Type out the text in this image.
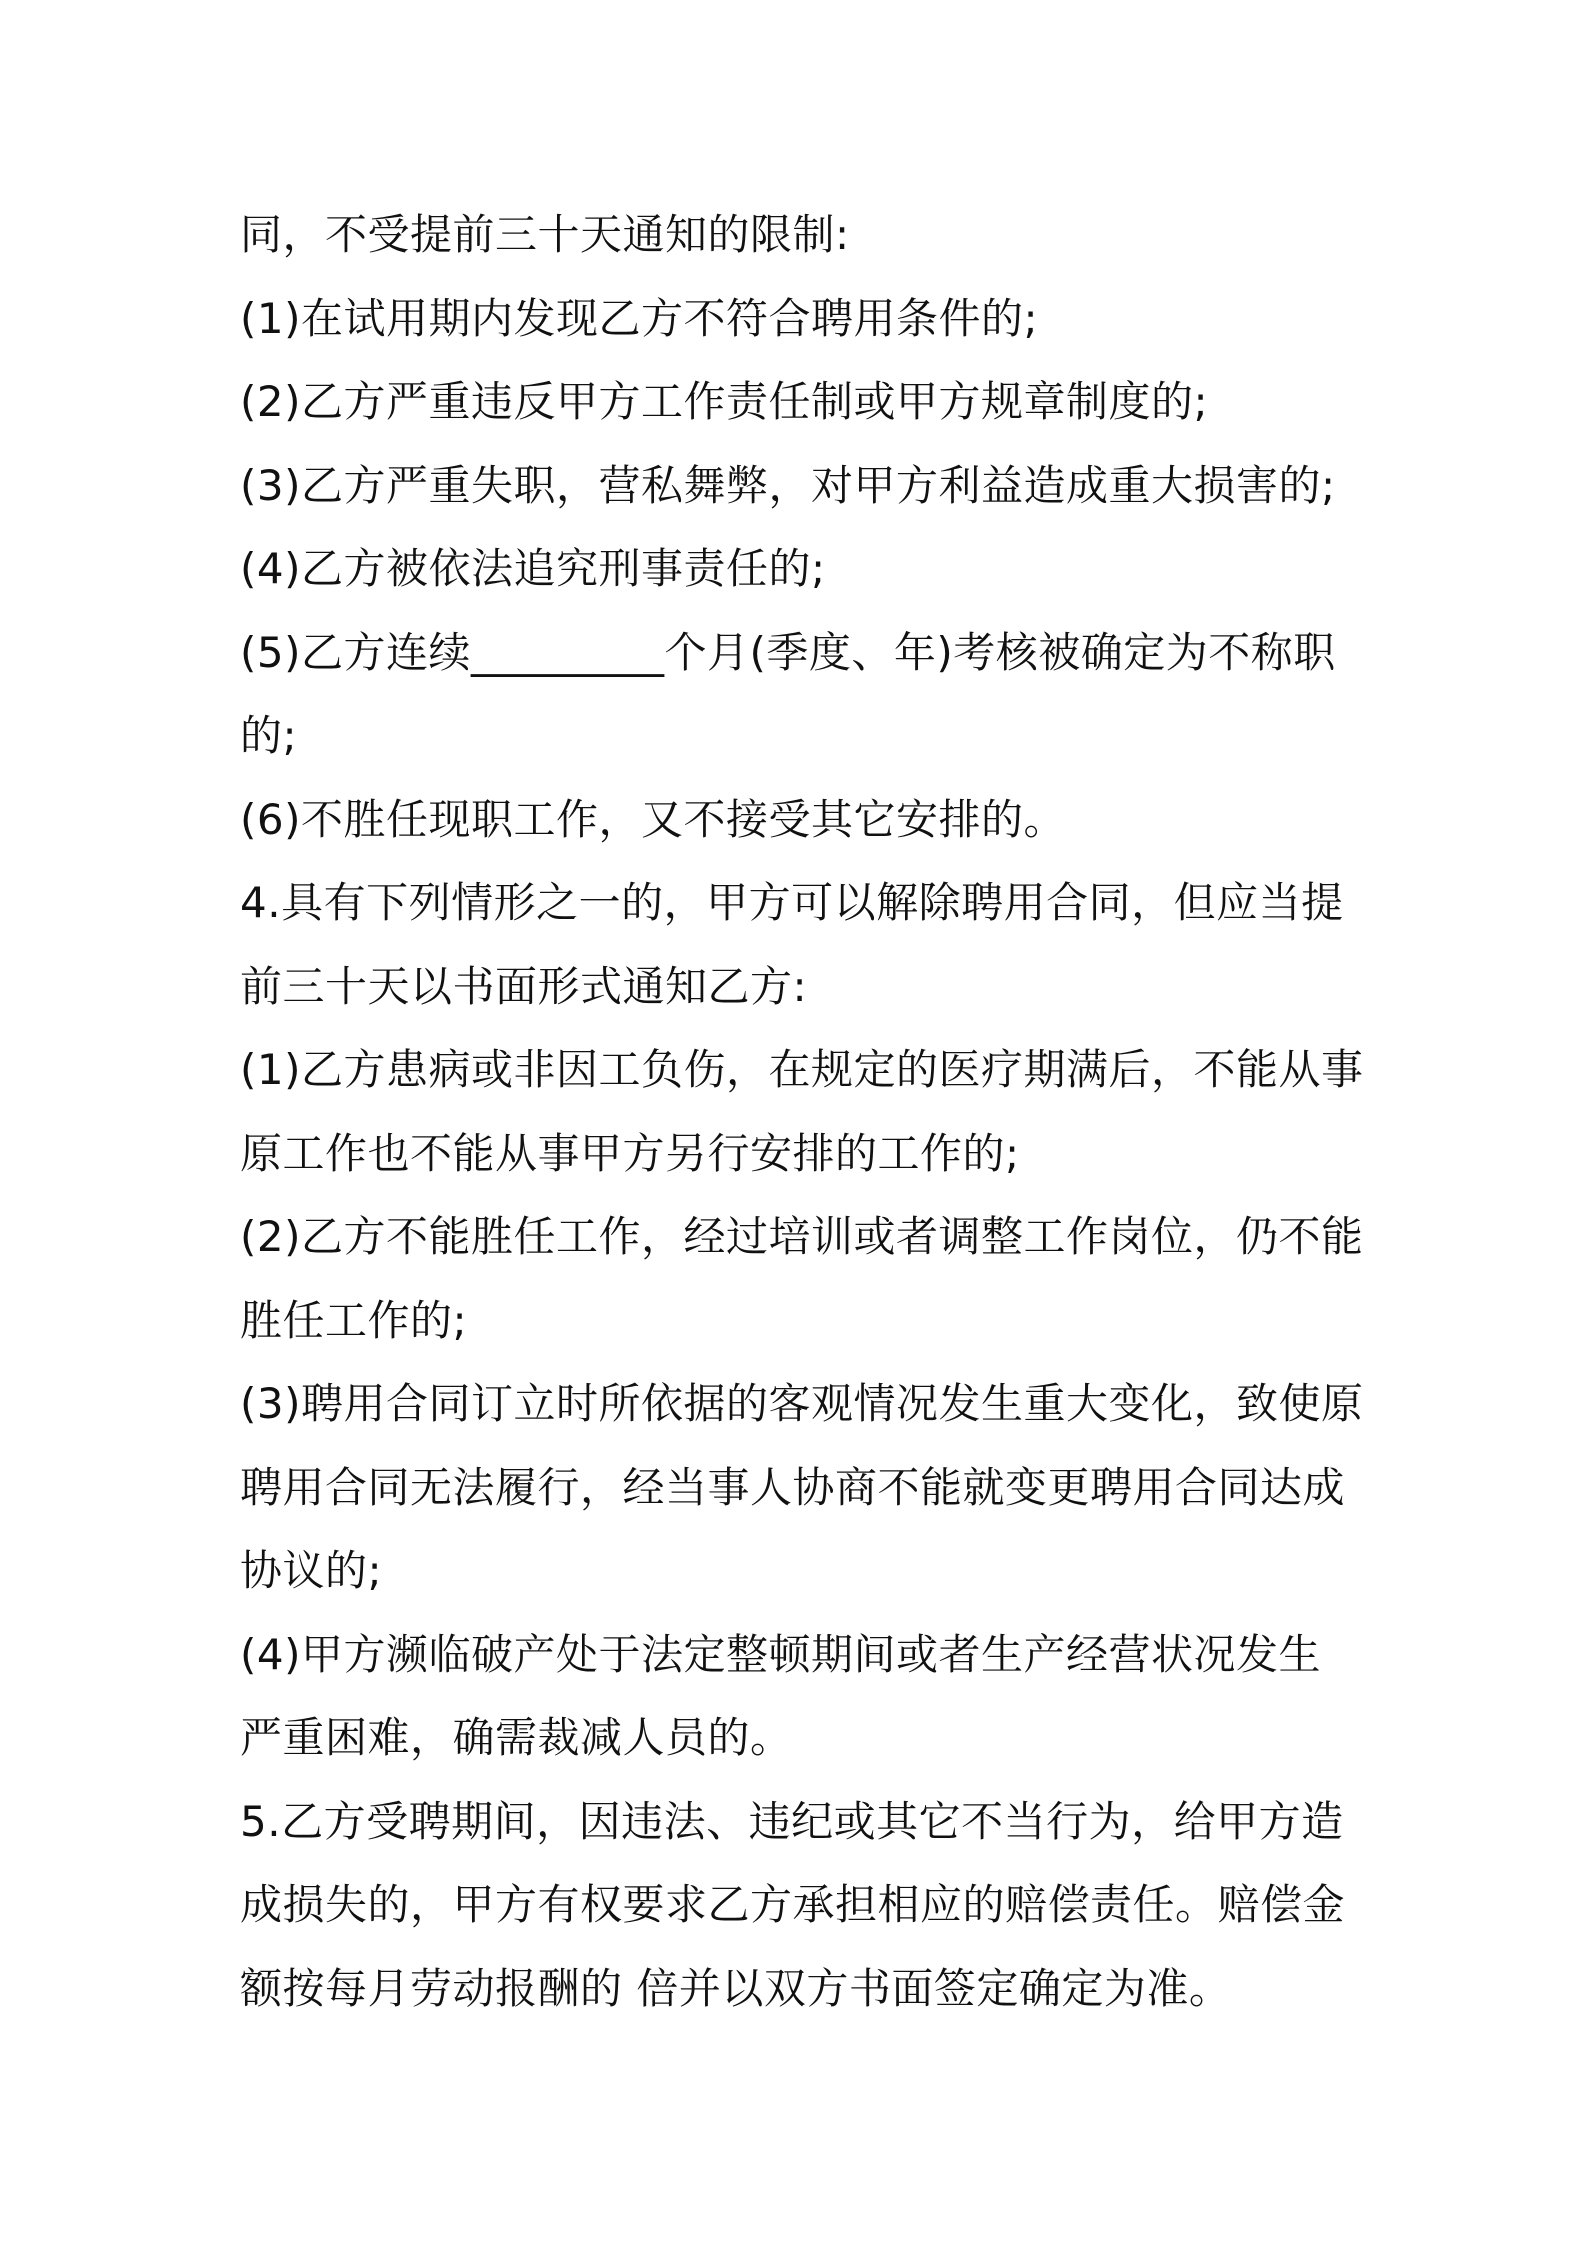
同，不受提前三十天通知的限制:
(1)在试用期内发现乙方不符合聘用条件的;
(2)乙方严重违反甲方工作责任制或甲方规章制度的;
(3)乙方严重失职，营私舞弊，对甲方利益造成重大损害的;
(4)乙方被依法追究刑事责任的;
(5)乙方连续_________个月(季度、年)考核被确定为不称职
的;
(6)不胜任现职工作，又不接受其它安排的。
4.具有下列情形之一的，甲方可以解除聘用合同，但应当提
前三十天以书面形式通知乙方:
(1)乙方患病或非因工负伤，在规定的医疗期满后，不能从事
原工作也不能从事甲方另行安排的工作的;
(2)乙方不能胜任工作，经过培训或者调整工作岗位，仍不能
胜任工作的;
(3)聘用合同订立时所依据的客观情况发生重大变化，致使原
聘用合同无法履行，经当事人协商不能就变更聘用合同达成
协议的;
(4)甲方濒临破产处于法定整顿期间或者生产经营状况发生
严重困难，确需裁减人员的。
5.乙方受聘期间，因违法、违纪或其它不当行为，给甲方造
成损失的，甲方有权要求乙方承担相应的赔偿责任。赔偿金
额按每月劳动报酬的 倍并以双方书面签定确定为准。
